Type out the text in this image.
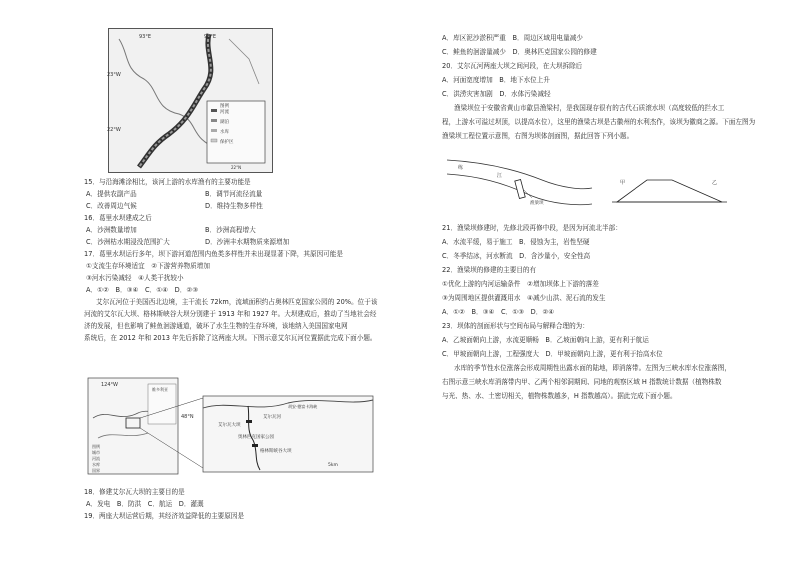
图例
河流
湖泊
水库
保护区
23°W
22°W
93°E	98°E
22°N
15．与沿海滩涂相比，该河上游的水库渔有的主要功能是
A．提供农副产品	B．调节河流径流量
C．改善周边气候	D．维持生物多样性
16．葛里水坝建成之后
A．沙洲数量增加	B．沙洲高程增大
C．沙洲枯水期浸没范围扩大	D．沙洲丰水期物质来源增加
17．葛里水坝运行多年，坝下游河道范围内鱼类多样性并未出现显著下降，其原因可能是
①支流生存环境适宜　②下游营养物质增加
③河水污染减轻　④人类干扰较小
A．①②　B．③④　C．①④　D．②③
艾尔瓦河位于美国西北边境，主干流长 72km，流域面积约占奥林匹克国家公园的 20%。位于该
河流的艾尔瓦大坝、格林斯峡谷大坝分别建于 1913 年和 1927 年。大坝建成后，推动了当地社会经
济的发展，但也影响了鲑鱼洄游通道，破坏了水生生物的生存环境，该地纳入美国国家电网
系统后，在 2012 年和 2013 年先后拆除了这两座大坝。下图示意艾尔瓦河位置据此完成下面小题。
124°W
维多利亚
图例
城市
河流
水库
国界
48°N
艾尔瓦大坝
艾尔瓦河
奥林匹克国家公园
格林斯峡谷大坝
5km
胡安·德富卡海峡
18．修建艾尔瓦大坝的主要目的是
A．发电　B．防洪　C．航运　D．灌溉
19．两座大坝运营后期，其经济效益降低的主要原因是
A．库区泥沙淤积严重　B．周边区域用电量减少
C．鲑鱼的洄游量减少　D．奥林匹克国家公园的修建
20．艾尔瓦河两座大坝之间河段，在大坝拆除后
A．河面宽度增加　B．地下水位上升
C．洪涝灾害加剧　D．水体污染减轻
渔梁坝位于安徽省黄山市歙县渔梁村，是我国现存很有的古代石质滚水坝（高度较低的拦水工
程，上游水可溢过坝顶，以提高水位），这里的渔梁古坝是古徽州的水利杰作，该坝为徽商之源。下面左图为
渔梁坝工程位置示意图，右图为坝体剖面图，据此回答下列小题。
练
江
渔梁坝
甲	乙
21．渔梁坝修建时，先修北段再修中段，是因为河流北半部：
A．水流平缓，易于施工　B．侵蚀为主，岩性坚硬
C．冬季结冰，河水断流　D．含沙量小，安全性高
22．渔梁坝的修建的主要目的有
①优化上游的内河运输条件　②增加坝体上下游的落差
③为周围地区提供灌溉用水　④减少山洪、泥石流的发生
A．①②　B．③④　C．①③　D．②④
23．坝体的剖面形状与空间布局与解释合理的为：
A．乙坡面朝向上游，水流更顺畅　B．乙坡面朝向上游，更有利于航运
C．甲坡面朝向上游，工程强度大　D．甲坡面朝向上游，更有利于抬高水位
水库的季节性水位涨落会形成周期性出露水面的陆地，即消落带。左图为三峡水库水位涨落图，
右图示意三峡水库消落带内甲、乙两个相邻洞期间、同地的观察区域 H 指数统计数据（植物株数
与光、热、水、土密切相关，植物株数越多，H 指数越高）。据此完成下面小题。
